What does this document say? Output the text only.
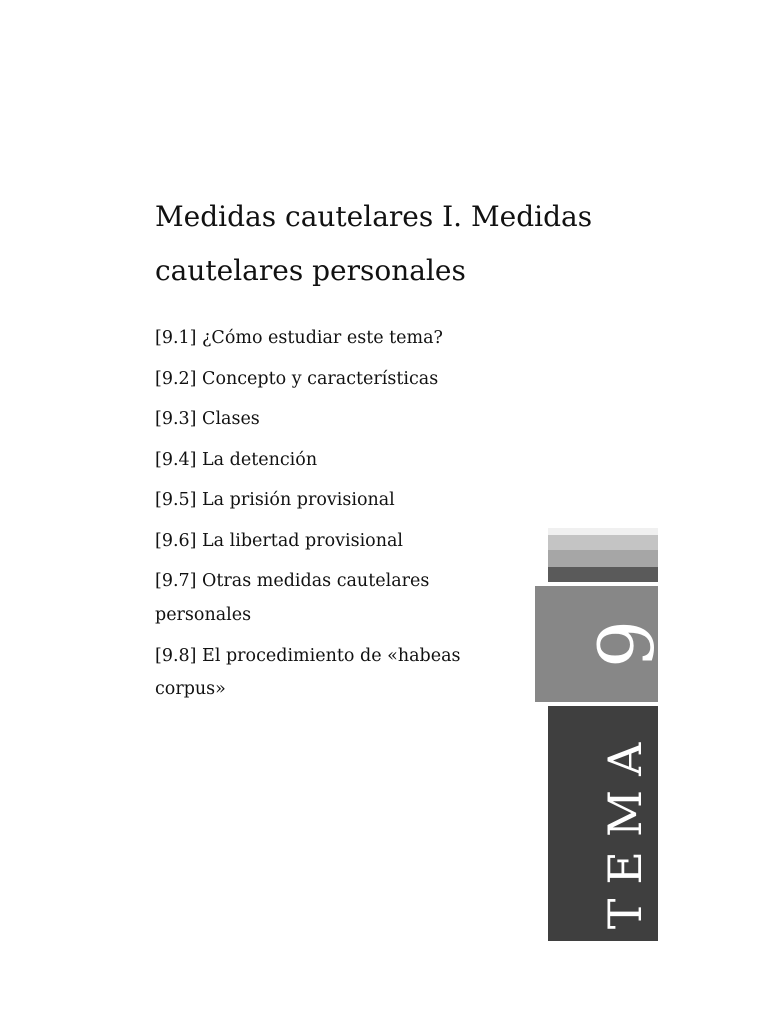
Medidas cautelares I. Medidas cautelares personales
[9.1] ¿Cómo estudiar este tema?
[9.2] Concepto y características
[9.3] Clases
[9.4] La detención
[9.5] La prisión provisional
[9.6] La libertad provisional
[9.7] Otras medidas cautelares personales
[9.8] El procedimiento de «habeas corpus»
9
TEMA
